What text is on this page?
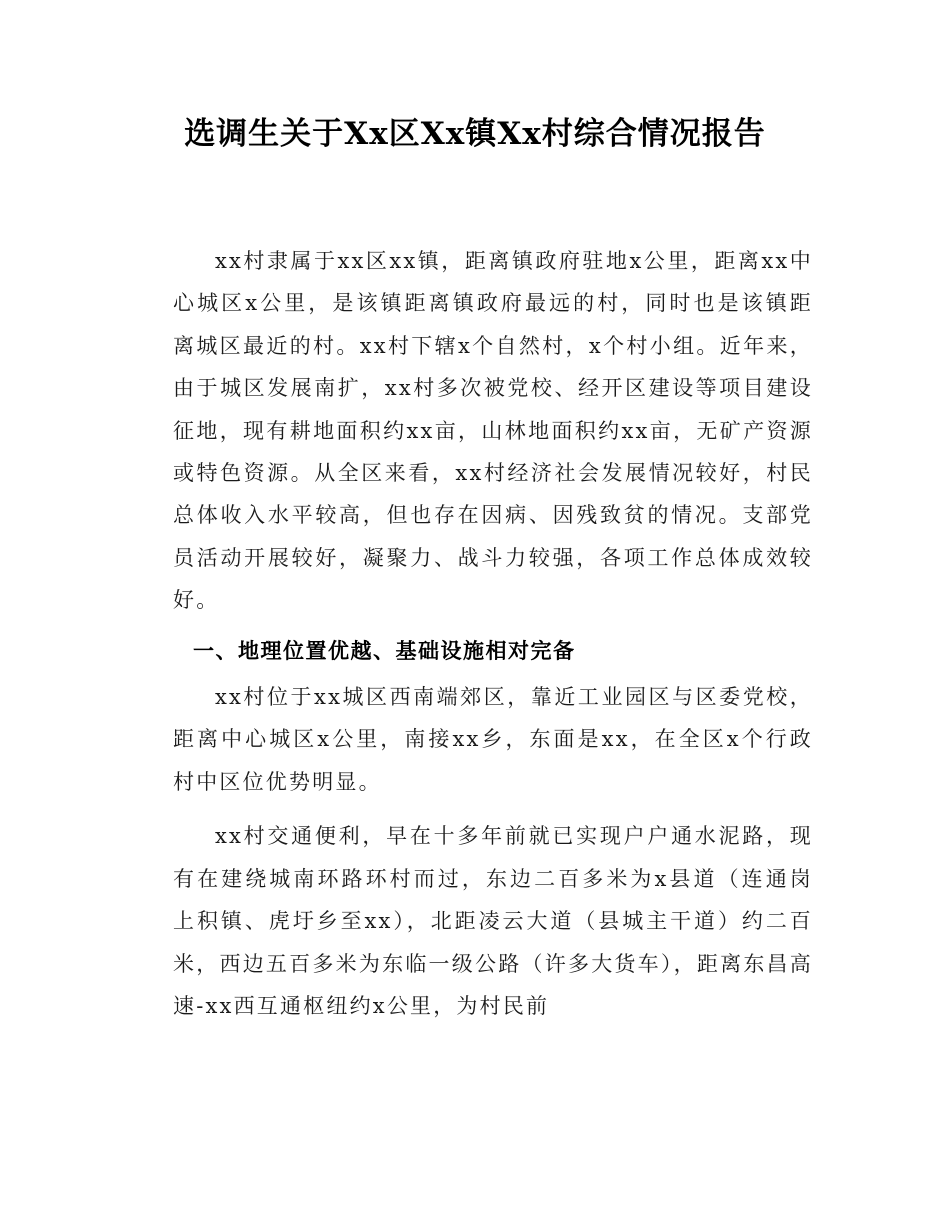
选调生关于Xx区Xx镇Xx村综合情况报告

xx村隶属于xx区xx镇，距离镇政府驻地x公里，距离xx中心城区x公里，是该镇距离镇政府最远的村，同时也是该镇距离城区最近的村。xx村下辖x个自然村，x个村小组。近年来，由于城区发展南扩，xx村多次被党校、经开区建设等项目建设征地，现有耕地面积约xx亩，山林地面积约xx亩，无矿产资源或特色资源。从全区来看，xx村经济社会发展情况较好，村民总体收入水平较高，但也存在因病、因残致贫的情况。支部党员活动开展较好，凝聚力、战斗力较强，各项工作总体成效较好。

一、地理位置优越、基础设施相对完备

xx村位于xx城区西南端郊区，靠近工业园区与区委党校，距离中心城区x公里，南接xx乡，东面是xx，在全区x个行政村中区位优势明显。

xx村交通便利，早在十多年前就已实现户户通水泥路，现有在建绕城南环路环村而过，东边二百多米为x县道（连通岗上积镇、虎圩乡至xx），北距凌云大道（县城主干道）约二百米，西边五百多米为东临一级公路（许多大货车），距离东昌高速-xx西互通枢纽约x公里，为村民前
